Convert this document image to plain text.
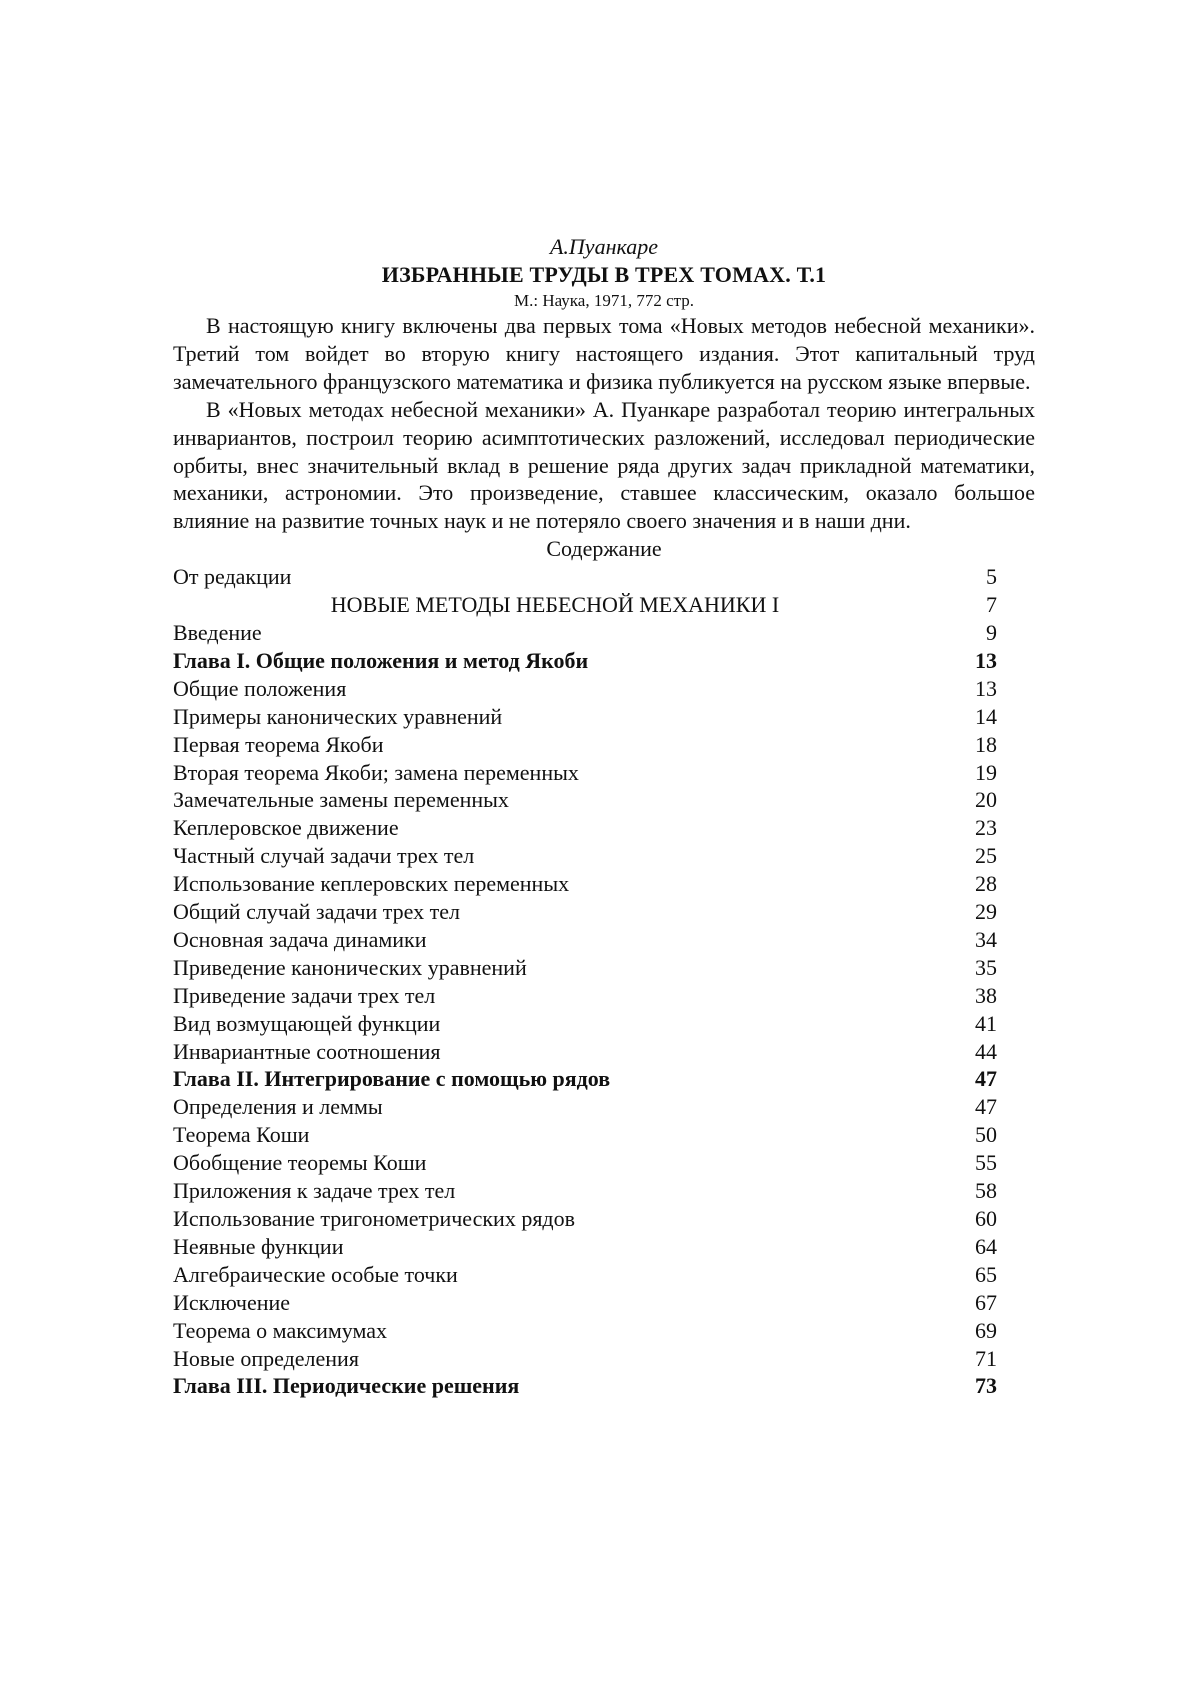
А.Пуанкаре
ИЗБРАННЫЕ ТРУДЫ В ТРЕХ ТОМАХ. Т.1
М.: Наука, 1971, 772 стр.

В настоящую книгу включены два первых тома «Новых методов небесной механики». Третий том войдет во вторую книгу настоящего издания. Этот капитальный труд замечательного французского математика и физика публикуется на русском языке впервые.

В «Новых методах небесной механики» А. Пуанкаре разработал теорию интегральных инвариантов, построил теорию асимптотических разложений, исследовал периодические орбиты, внес значительный вклад в решение ряда других задач прикладной математики, механики, астрономии. Это произведение, ставшее классическим, оказало большое влияние на развитие точных наук и не потеряло своего значения и в наши дни.

Содержание
От редакции	5
НОВЫЕ МЕТОДЫ НЕБЕСНОЙ МЕХАНИКИ I	7
Введение	9
Глава I. Общие положения и метод Якоби	13
Общие положения	13
Примеры канонических уравнений	14
Первая теорема Якоби	18
Вторая теорема Якоби; замена переменных	19
Замечательные замены переменных	20
Кеплеровское движение	23
Частный случай задачи трех тел	25
Использование кеплеровских переменных	28
Общий случай задачи трех тел	29
Основная задача динамики	34
Приведение канонических уравнений	35
Приведение задачи трех тел	38
Вид возмущающей функции	41
Инвариантные соотношения	44
Глава II. Интегрирование с помощью рядов	47
Определения и леммы	47
Теорема Коши	50
Обобщение теоремы Коши	55
Приложения к задаче трех тел	58
Использование тригонометрических рядов	60
Неявные функции	64
Алгебраические особые точки	65
Исключение	67
Теорема о максимумах	69
Новые определения	71
Глава III. Периодические решения	73
